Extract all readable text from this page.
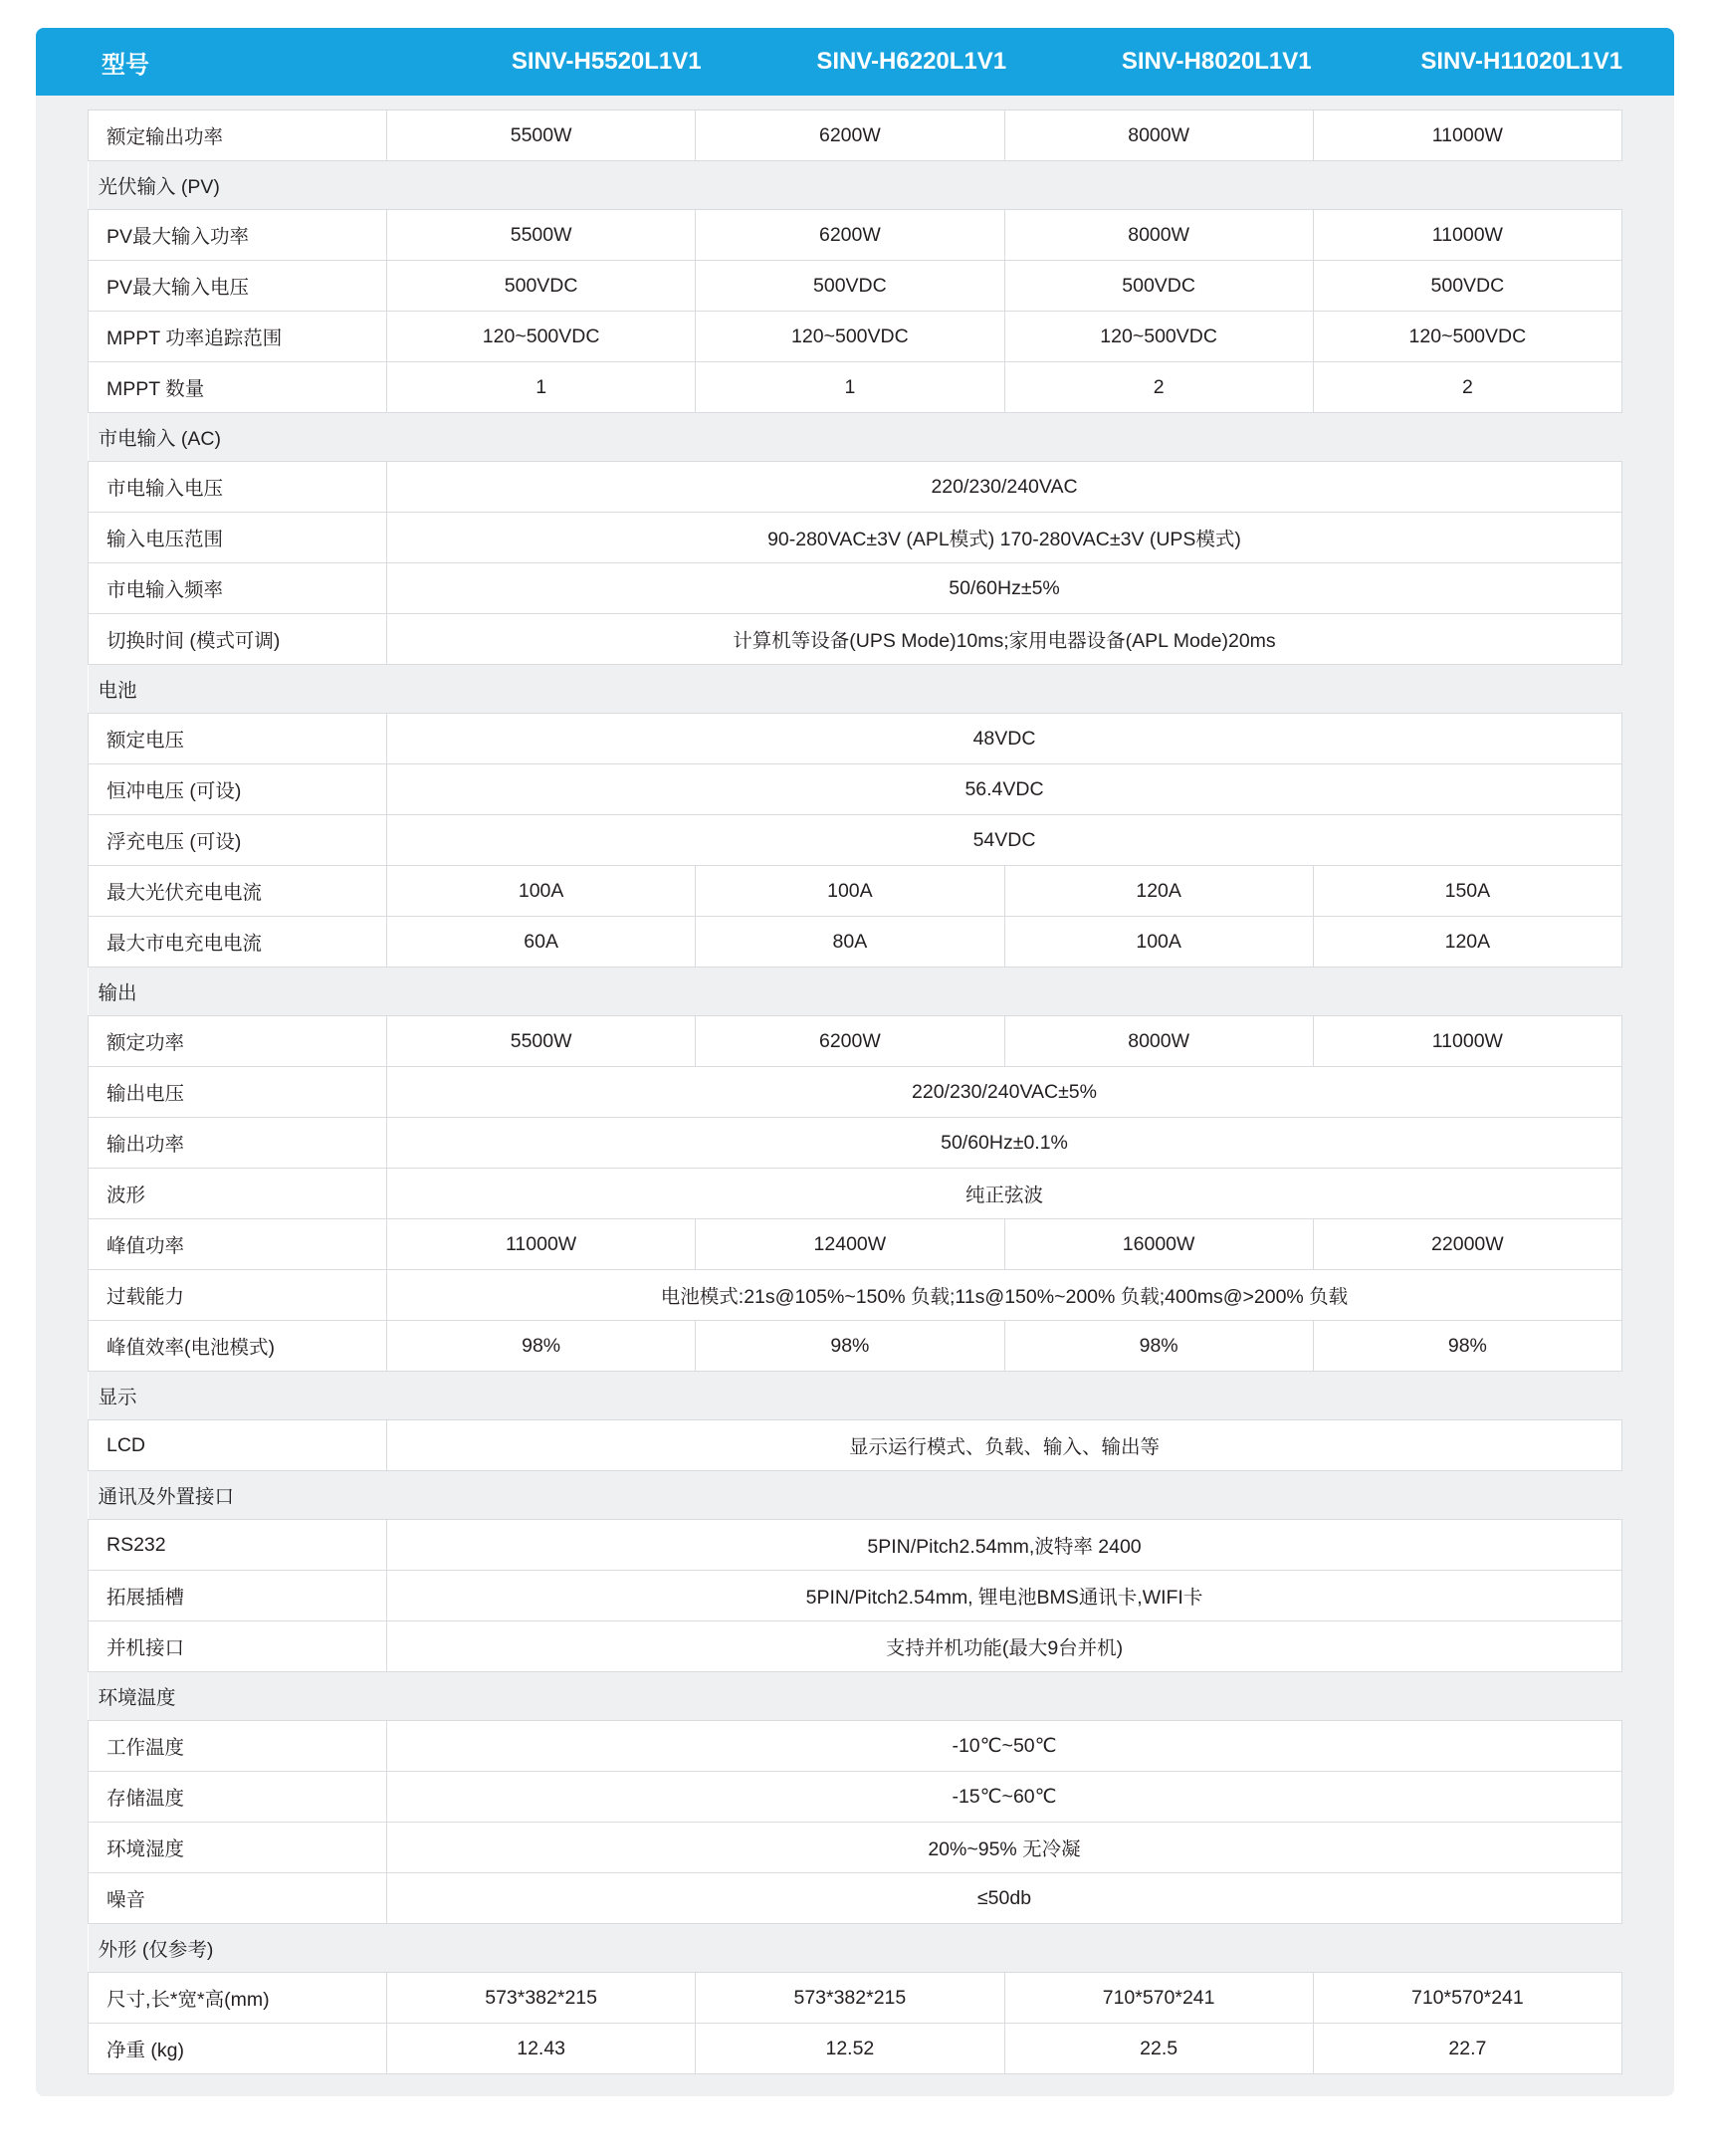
型号	SINV-H5520L1V1	SINV-H6220L1V1	SINV-H8020L1V1	SINV-H11020L1V1
额定输出功率	5500W	6200W	8000W	11000W
光伏输入 (PV)				
PV最大输入功率	5500W	6200W	8000W	11000W
PV最大输入电压	500VDC	500VDC	500VDC	500VDC
MPPT 功率追踪范围	120~500VDC	120~500VDC	120~500VDC	120~500VDC
MPPT 数量	1	1	2	2
市电输入 (AC)				
市电输入电压	220/230/240VAC			
输入电压范围	90-280VAC±3V (APL模式) 170-280VAC±3V (UPS模式)			
市电输入频率	50/60Hz±5%			
切换时间 (模式可调)	计算机等设备(UPS Mode)10ms;家用电器设备(APL Mode)20ms			
电池				
额定电压	48VDC			
恒冲电压 (可设)	56.4VDC			
浮充电压 (可设)	54VDC			
最大光伏充电电流	100A	100A	120A	150A
最大市电充电电流	60A	80A	100A	120A
输出				
额定功率	5500W	6200W	8000W	11000W
输出电压	220/230/240VAC±5%			
输出功率	50/60Hz±0.1%			
波形	纯正弦波			
峰值功率	11000W	12400W	16000W	22000W
过载能力	电池模式:21s@105%~150% 负载;11s@150%~200% 负载;400ms@>200% 负载			
峰值效率(电池模式)	98%	98%	98%	98%
显示				
LCD	显示运行模式、负载、输入、输出等			
通讯及外置接口				
RS232	5PIN/Pitch2.54mm,波特率 2400			
拓展插槽	5PIN/Pitch2.54mm, 锂电池BMS通讯卡,WIFI卡			
并机接口	支持并机功能(最大9台并机)			
环境温度				
工作温度	-10℃~50℃			
存储温度	-15℃~60℃			
环境湿度	20%~95% 无冷凝			
噪音	≤50db			
外形 (仅参考)				
尺寸,长*宽*高(mm)	573*382*215	573*382*215	710*570*241	710*570*241
净重 (kg)	12.43	12.52	22.5	22.7
